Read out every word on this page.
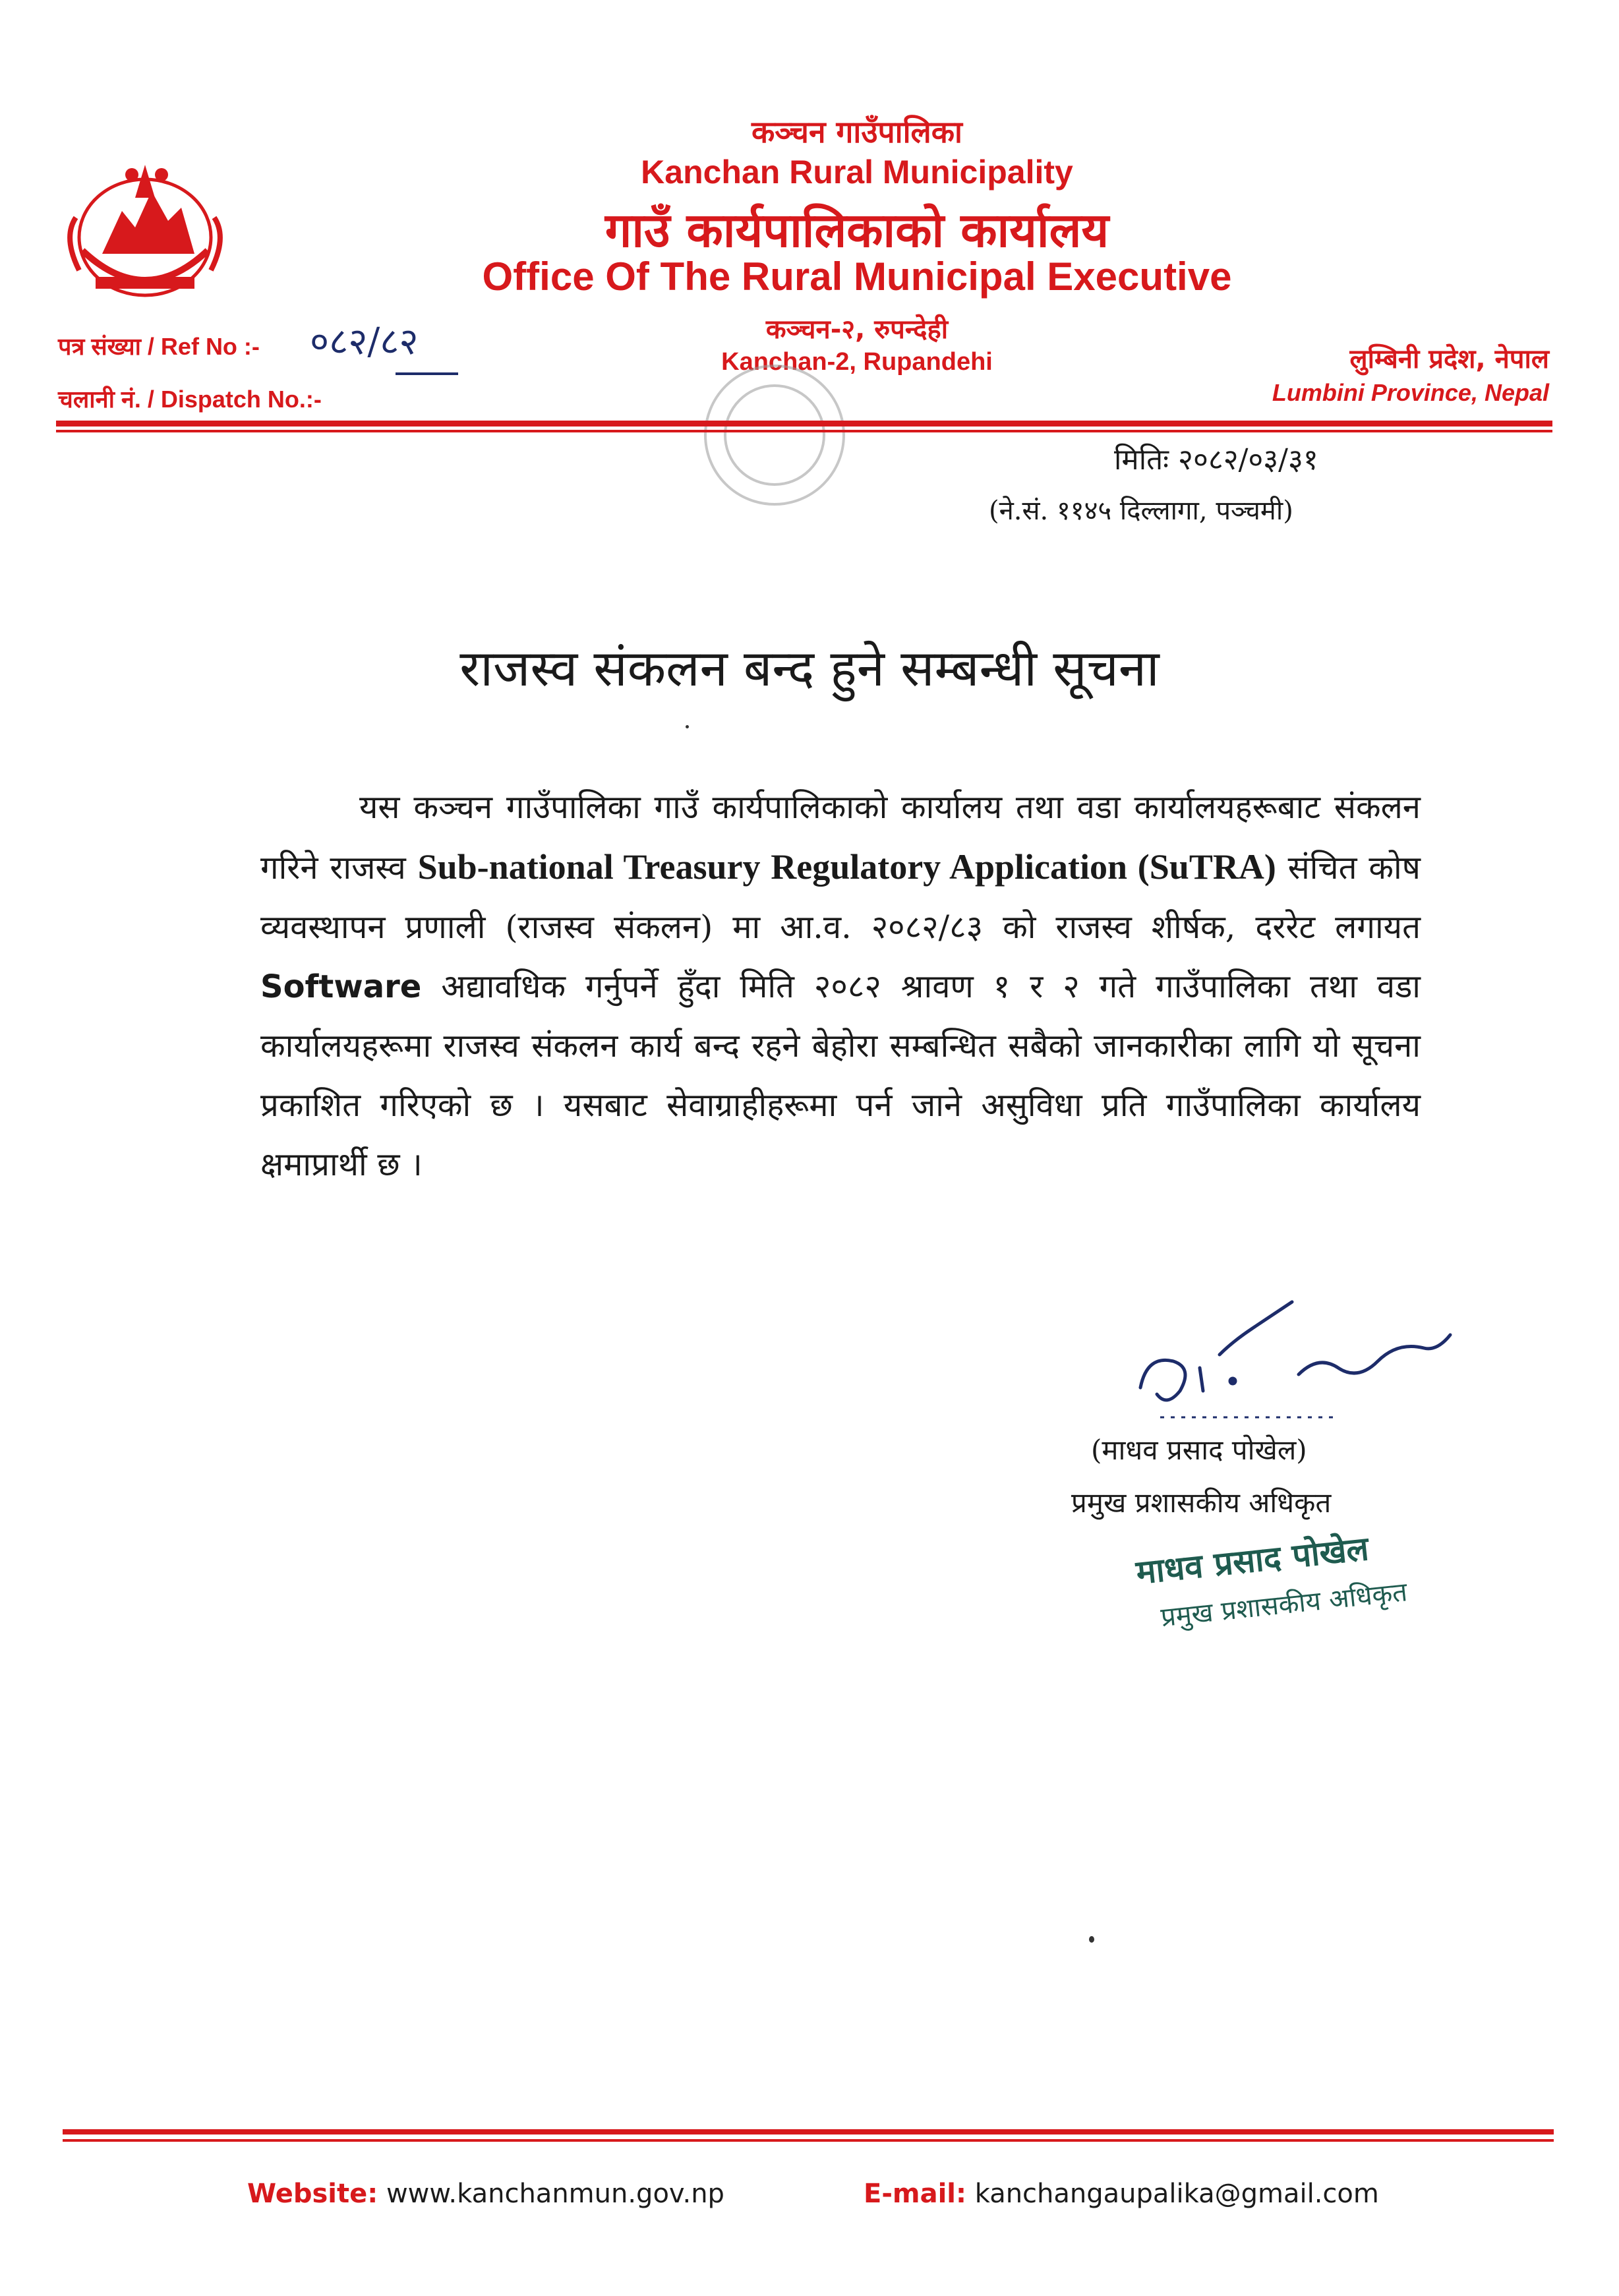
कञ्चन गाउँपालिका
Kanchan Rural Municipality
गाउँ कार्यपालिकाको कार्यालय
Office Of The Rural Municipal Executive
कञ्चन-२, रुपन्देही
Kanchan-2, Rupandehi
पत्र संख्या / Ref No :- ०८२/८२
चलानी नं. / Dispatch No.:-
लुम्बिनी प्रदेश, नेपाल
Lumbini Province, Nepal
मितिः २०८२/०३/३१
(ने.सं. ११४५ दिल्लागा, पञ्चमी)
राजस्व संकलन बन्द हुने सम्बन्धी सूचना
यस कञ्चन गाउँपालिका गाउँ कार्यपालिकाको कार्यालय तथा वडा कार्यालयहरूबाट संकलन गरिने राजस्व Sub-national Treasury Regulatory Application (SuTRA) संचित कोष व्यवस्थापन प्रणाली (राजस्व संकलन) मा आ.व. २०८२/८३ को राजस्व शीर्षक, दररेट लगायत Software अद्यावधिक गर्नुपर्ने हुँदा मिति २०८२ श्रावण १ र २ गते गाउँपालिका तथा वडा कार्यालयहरूमा राजस्व संकलन कार्य बन्द रहने बेहोरा सम्बन्धित सबैको जानकारीका लागि यो सूचना प्रकाशित गरिएको छ । यसबाट सेवाग्राहीहरूमा पर्न जाने असुविधा प्रति गाउँपालिका कार्यालय क्षमाप्रार्थी छ ।
(माधव प्रसाद पोखेल)
प्रमुख प्रशासकीय अधिकृत
माधव प्रसाद पोखेल
प्रमुख प्रशासकीय अधिकृत
Website: www.kanchanmun.gov.np	E-mail: kanchangaupalika@gmail.com
